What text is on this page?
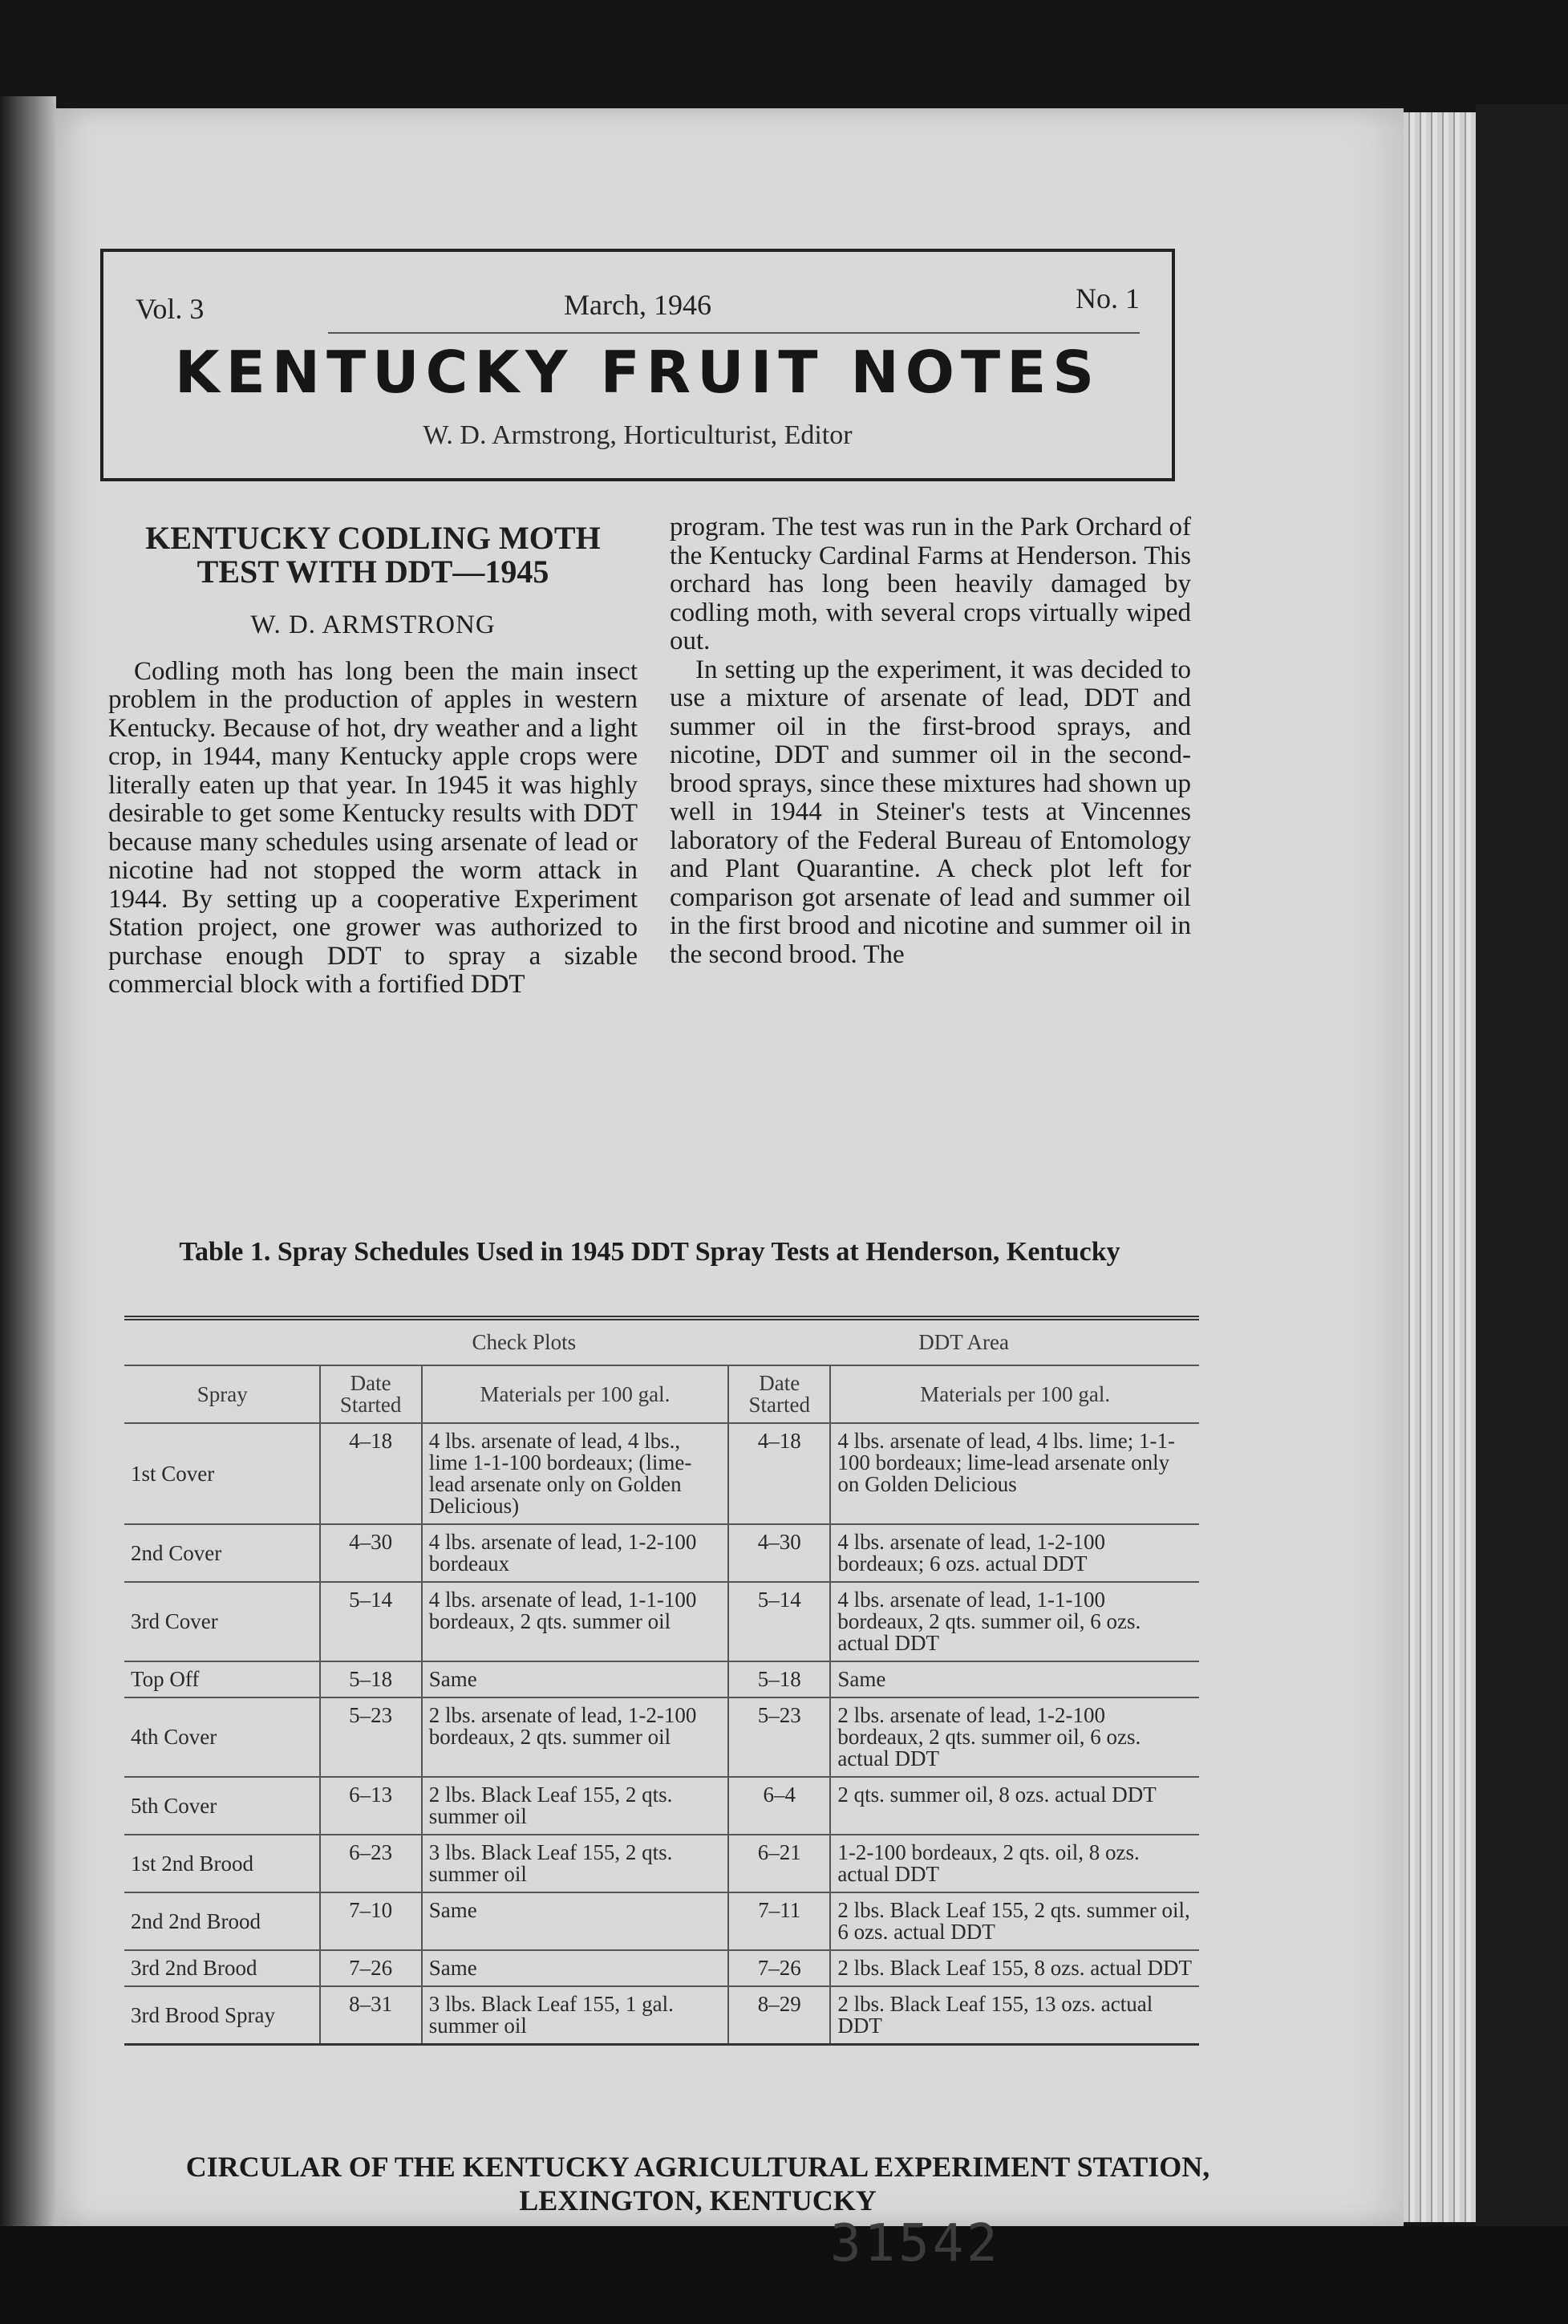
Vol. 3	March, 1946	No. 1
KENTUCKY FRUIT NOTES
W. D. Armstrong, Horticulturist, Editor
KENTUCKY CODLING MOTH TEST WITH DDT—1945
W. D. ARMSTRONG

Codling moth has long been the main insect problem in the production of apples in western Kentucky. Because of hot, dry weather and a light crop, in 1944, many Kentucky apple crops were literally eaten up that year. In 1945 it was highly desirable to get some Kentucky results with DDT because many schedules using arsenate of lead or nicotine had not stopped the worm attack in 1944. By setting up a cooperative Experiment Station project, one grower was authorized to purchase enough DDT to spray a sizable commercial block with a fortified DDT

program. The test was run in the Park Orchard of the Kentucky Cardinal Farms at Henderson. This orchard has long been heavily damaged by codling moth, with several crops virtually wiped out.

In setting up the experiment, it was decided to use a mixture of arsenate of lead, DDT and summer oil in the first-brood sprays, and nicotine, DDT and summer oil in the second-brood sprays, since these mixtures had shown up well in 1944 in Steiner's tests at Vincennes laboratory of the Federal Bureau of Entomology and Plant Quarantine. A check plot left for comparison got arsenate of lead and summer oil in the first brood and nicotine and summer oil in the second brood. The

Table 1. Spray Schedules Used in 1945 DDT Spray Tests at Henderson, Kentucky
	Check Plots		DDT Area	
Spray	Date Started	Materials per 100 gal.	Date Started	Materials per 100 gal.
1st Cover	4–18	4 lbs. arsenate of lead, 4 lbs., lime 1-1-100 bordeaux; (lime-lead arsenate only on Golden Delicious)	4–18	4 lbs. arsenate of lead, 4 lbs. lime; 1-1-100 bordeaux; lime-lead arsenate only on Golden Delicious
2nd Cover	4–30	4 lbs. arsenate of lead, 1-2-100 bordeaux	4–30	4 lbs. arsenate of lead, 1-2-100 bordeaux; 6 ozs. actual DDT
3rd Cover	5–14	4 lbs. arsenate of lead, 1-1-100 bordeaux, 2 qts. summer oil	5–14	4 lbs. arsenate of lead, 1-1-100 bordeaux, 2 qts. summer oil, 6 ozs. actual DDT
Top Off	5–18	Same	5–18	Same
4th Cover	5–23	2 lbs. arsenate of lead, 1-2-100 bordeaux, 2 qts. summer oil	5–23	2 lbs. arsenate of lead, 1-2-100 bordeaux, 2 qts. summer oil, 6 ozs. actual DDT
5th Cover	6–13	2 lbs. Black Leaf 155, 2 qts. summer oil	6–4	2 qts. summer oil, 8 ozs. actual DDT
1st 2nd Brood	6–23	3 lbs. Black Leaf 155, 2 qts. summer oil	6–21	1-2-100 bordeaux, 2 qts. oil, 8 ozs. actual DDT
2nd 2nd Brood	7–10	Same	7–11	2 lbs. Black Leaf 155, 2 qts. summer oil, 6 ozs. actual DDT
3rd 2nd Brood	7–26	Same	7–26	2 lbs. Black Leaf 155, 8 ozs. actual DDT
3rd Brood Spray	8–31	3 lbs. Black Leaf 155, 1 gal. summer oil	8–29	2 lbs. Black Leaf 155, 13 ozs. actual DDT
CIRCULAR OF THE KENTUCKY AGRICULTURAL EXPERIMENT STATION, LEXINGTON, KENTUCKY
31542
